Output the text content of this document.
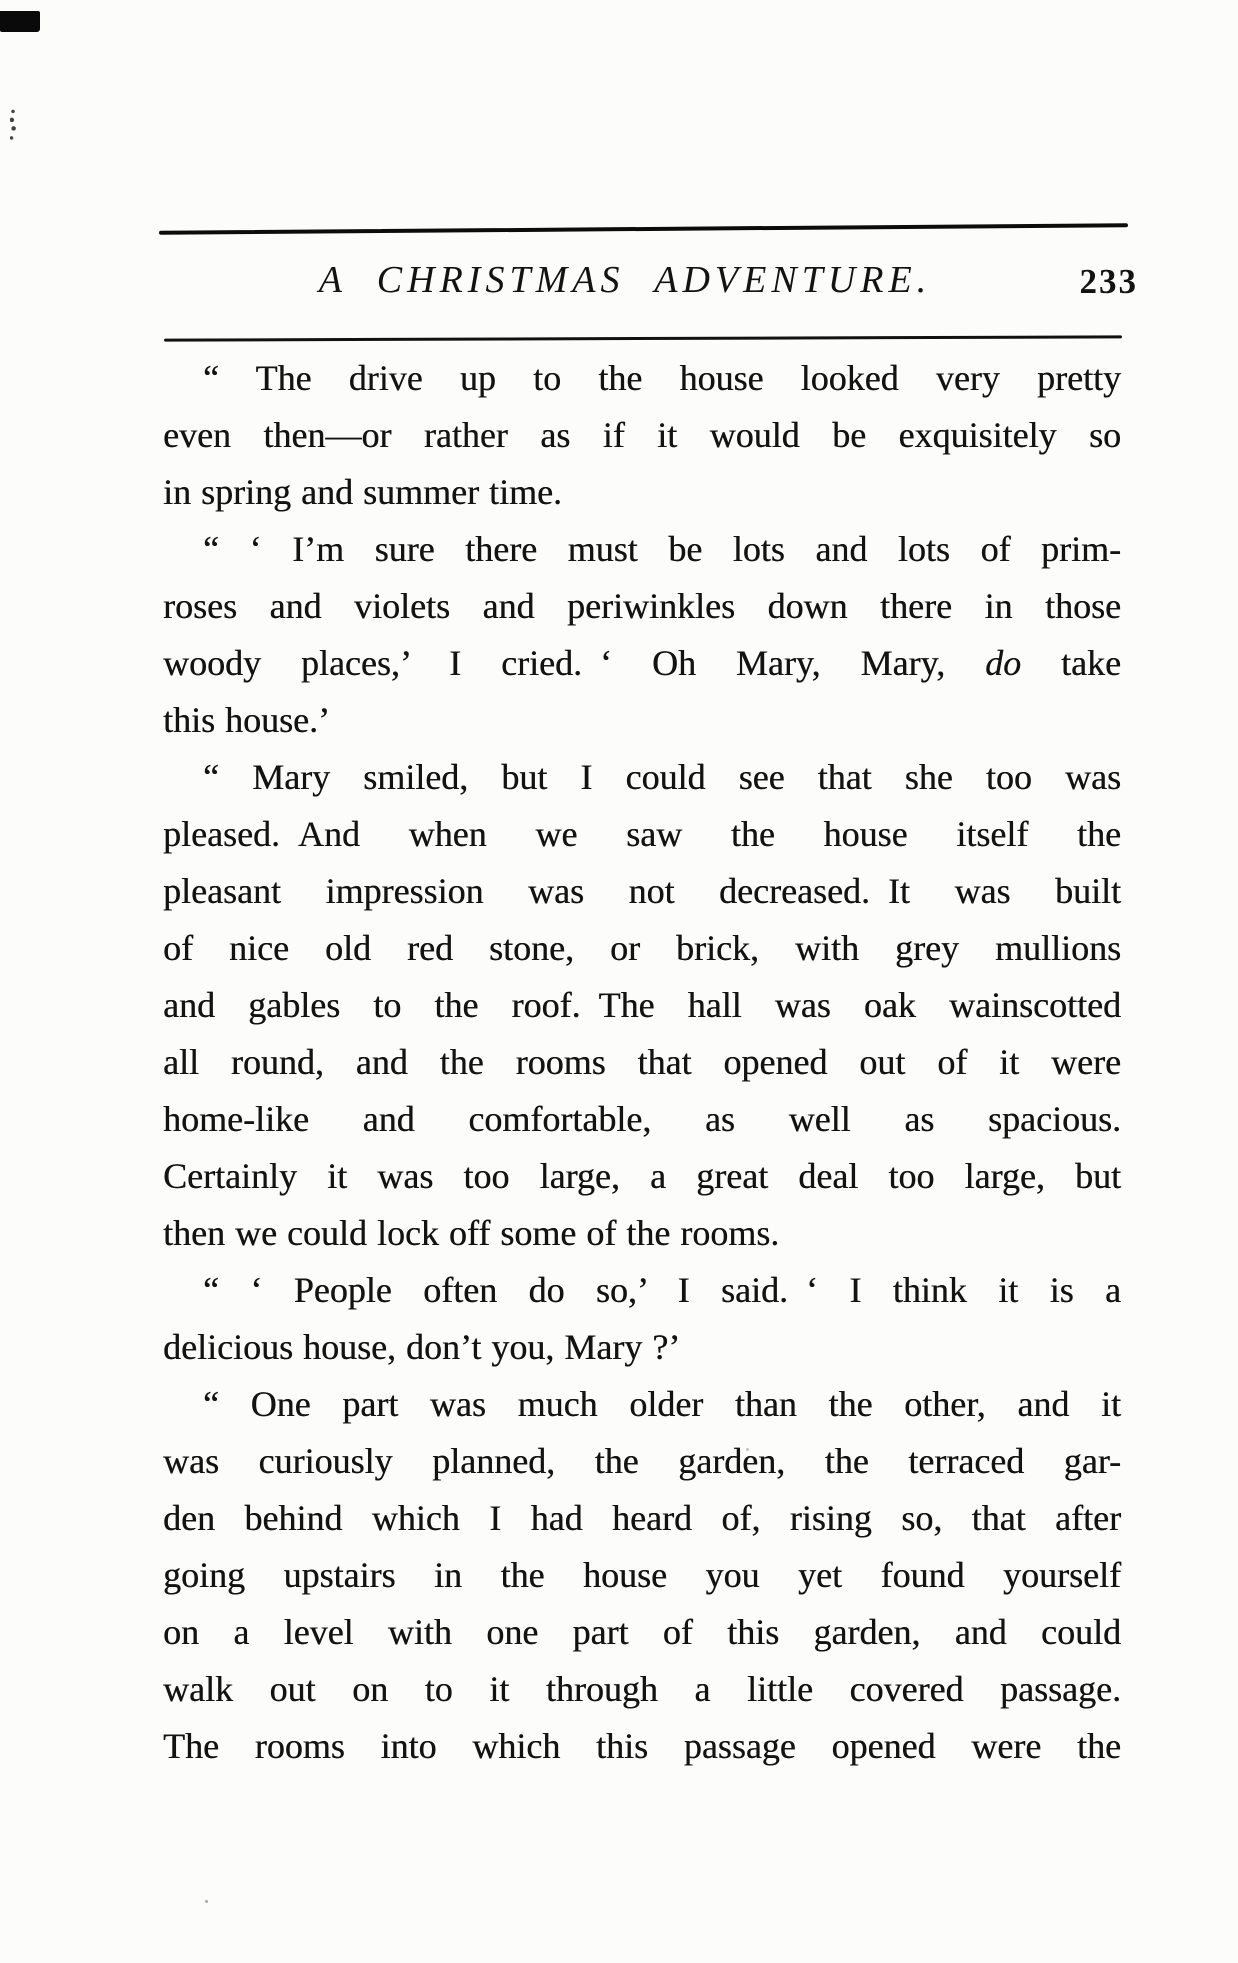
A CHRISTMAS ADVENTURE.	233
“ The drive up to the house looked very pretty
even then—or rather as if it would be exquisitely so
in spring and summer time.
“ ‘ I’m sure there must be lots and lots of prim-
roses and violets and periwinkles down there in those
woody places,’ I cried. ‘ Oh Mary, Mary, do take
this house.’
“ Mary smiled, but I could see that she too was
pleased. And when we saw the house itself the
pleasant impression was not decreased. It was built
of nice old red stone, or brick, with grey mullions
and gables to the roof. The hall was oak wainscotted
all round, and the rooms that opened out of it were
home-like and comfortable, as well as spacious.
Certainly it was too large, a great deal too large, but
then we could lock off some of the rooms.
“ ‘ People often do so,’ I said. ‘ I think it is a
delicious house, don’t you, Mary ?’
“ One part was much older than the other, and it
was curiously planned, the garden, the terraced gar-
den behind which I had heard of, rising so, that after
going upstairs in the house you yet found yourself
on a level with one part of this garden, and could
walk out on to it through a little covered passage.
The rooms into which this passage opened were the
